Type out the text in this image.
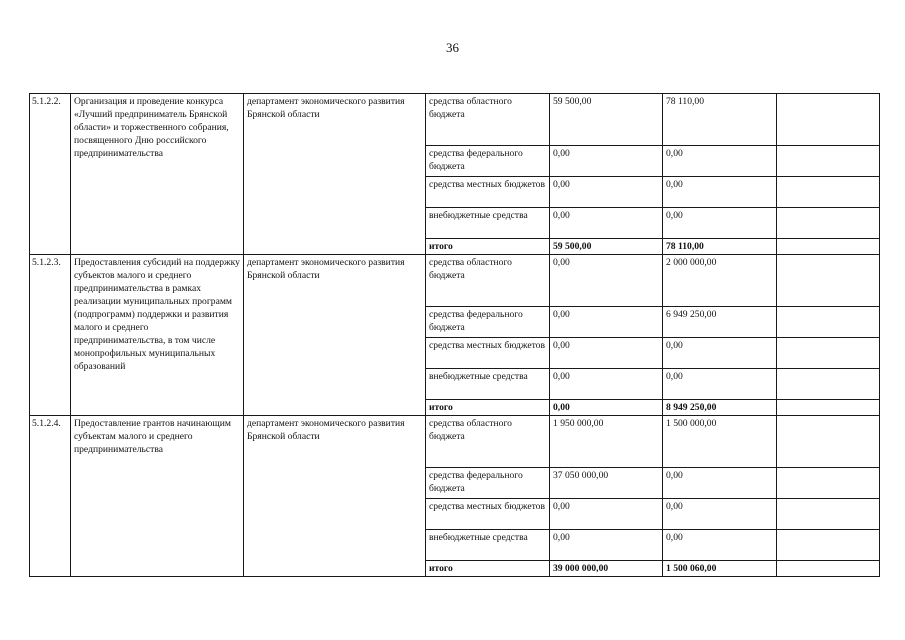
36
5.1.2.2.	Организация и проведение конкурса «Лучший предприниматель Брянской области» и торжественного собрания, посвященного Дню российского предпринимательства	департамент экономического развития Брянской области	средства областного бюджета	59 500,00	78 110,00	
			средства федерального бюджета	0,00	0,00	
			средства местных бюджетов	0,00	0,00	
			внебюджетные средства	0,00	0,00	
			итого	59 500,00	78 110,00	
5.1.2.3.	Предоставления субсидий на поддержку субъектов малого и среднего предпринимательства в рамках реализации муниципальных программ (подпрограмм) поддержки и развития малого и среднего предпринимательства, в том числе монопрофильных муниципальных образований	департамент экономического развития Брянской области	средства областного бюджета	0,00	2 000 000,00	
			средства федерального бюджета	0,00	6 949 250,00	
			средства местных бюджетов	0,00	0,00	
			внебюджетные средства	0,00	0,00	
			итого	0,00	8 949 250,00	
5.1.2.4.	Предоставление грантов начинающим субъектам малого и среднего предпринимательства	департамент экономического развития Брянской области	средства областного бюджета	1 950 000,00	1 500 000,00	
			средства федерального бюджета	37 050 000,00	0,00	
			средства местных бюджетов	0,00	0,00	
			внебюджетные средства	0,00	0,00	
			итого	39 000 000,00	1 500 060,00	
